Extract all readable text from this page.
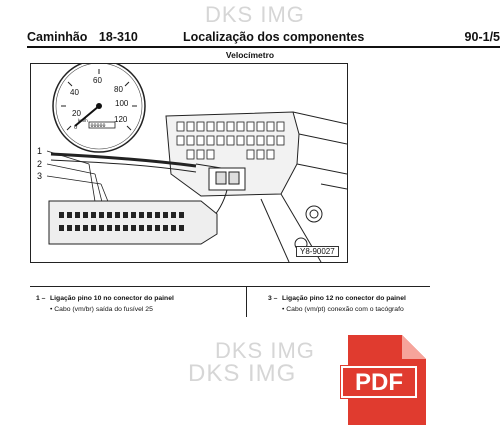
Caminhão 18-310	Localização dos componentes	90-1/5
Velocímetro
20
40
60
80
100
120
0
km/h
00000
1
2
3
Y8-90027
1 – Ligação pino 10 no conector do painel
• Cabo (vm/br) saída do fusível 25
3 – Ligação pino 12 no conector do painel
• Cabo (vm/pt) conexão com o tacógrafo
DKS IMG
DKS IMG
DKS IMG PDF
